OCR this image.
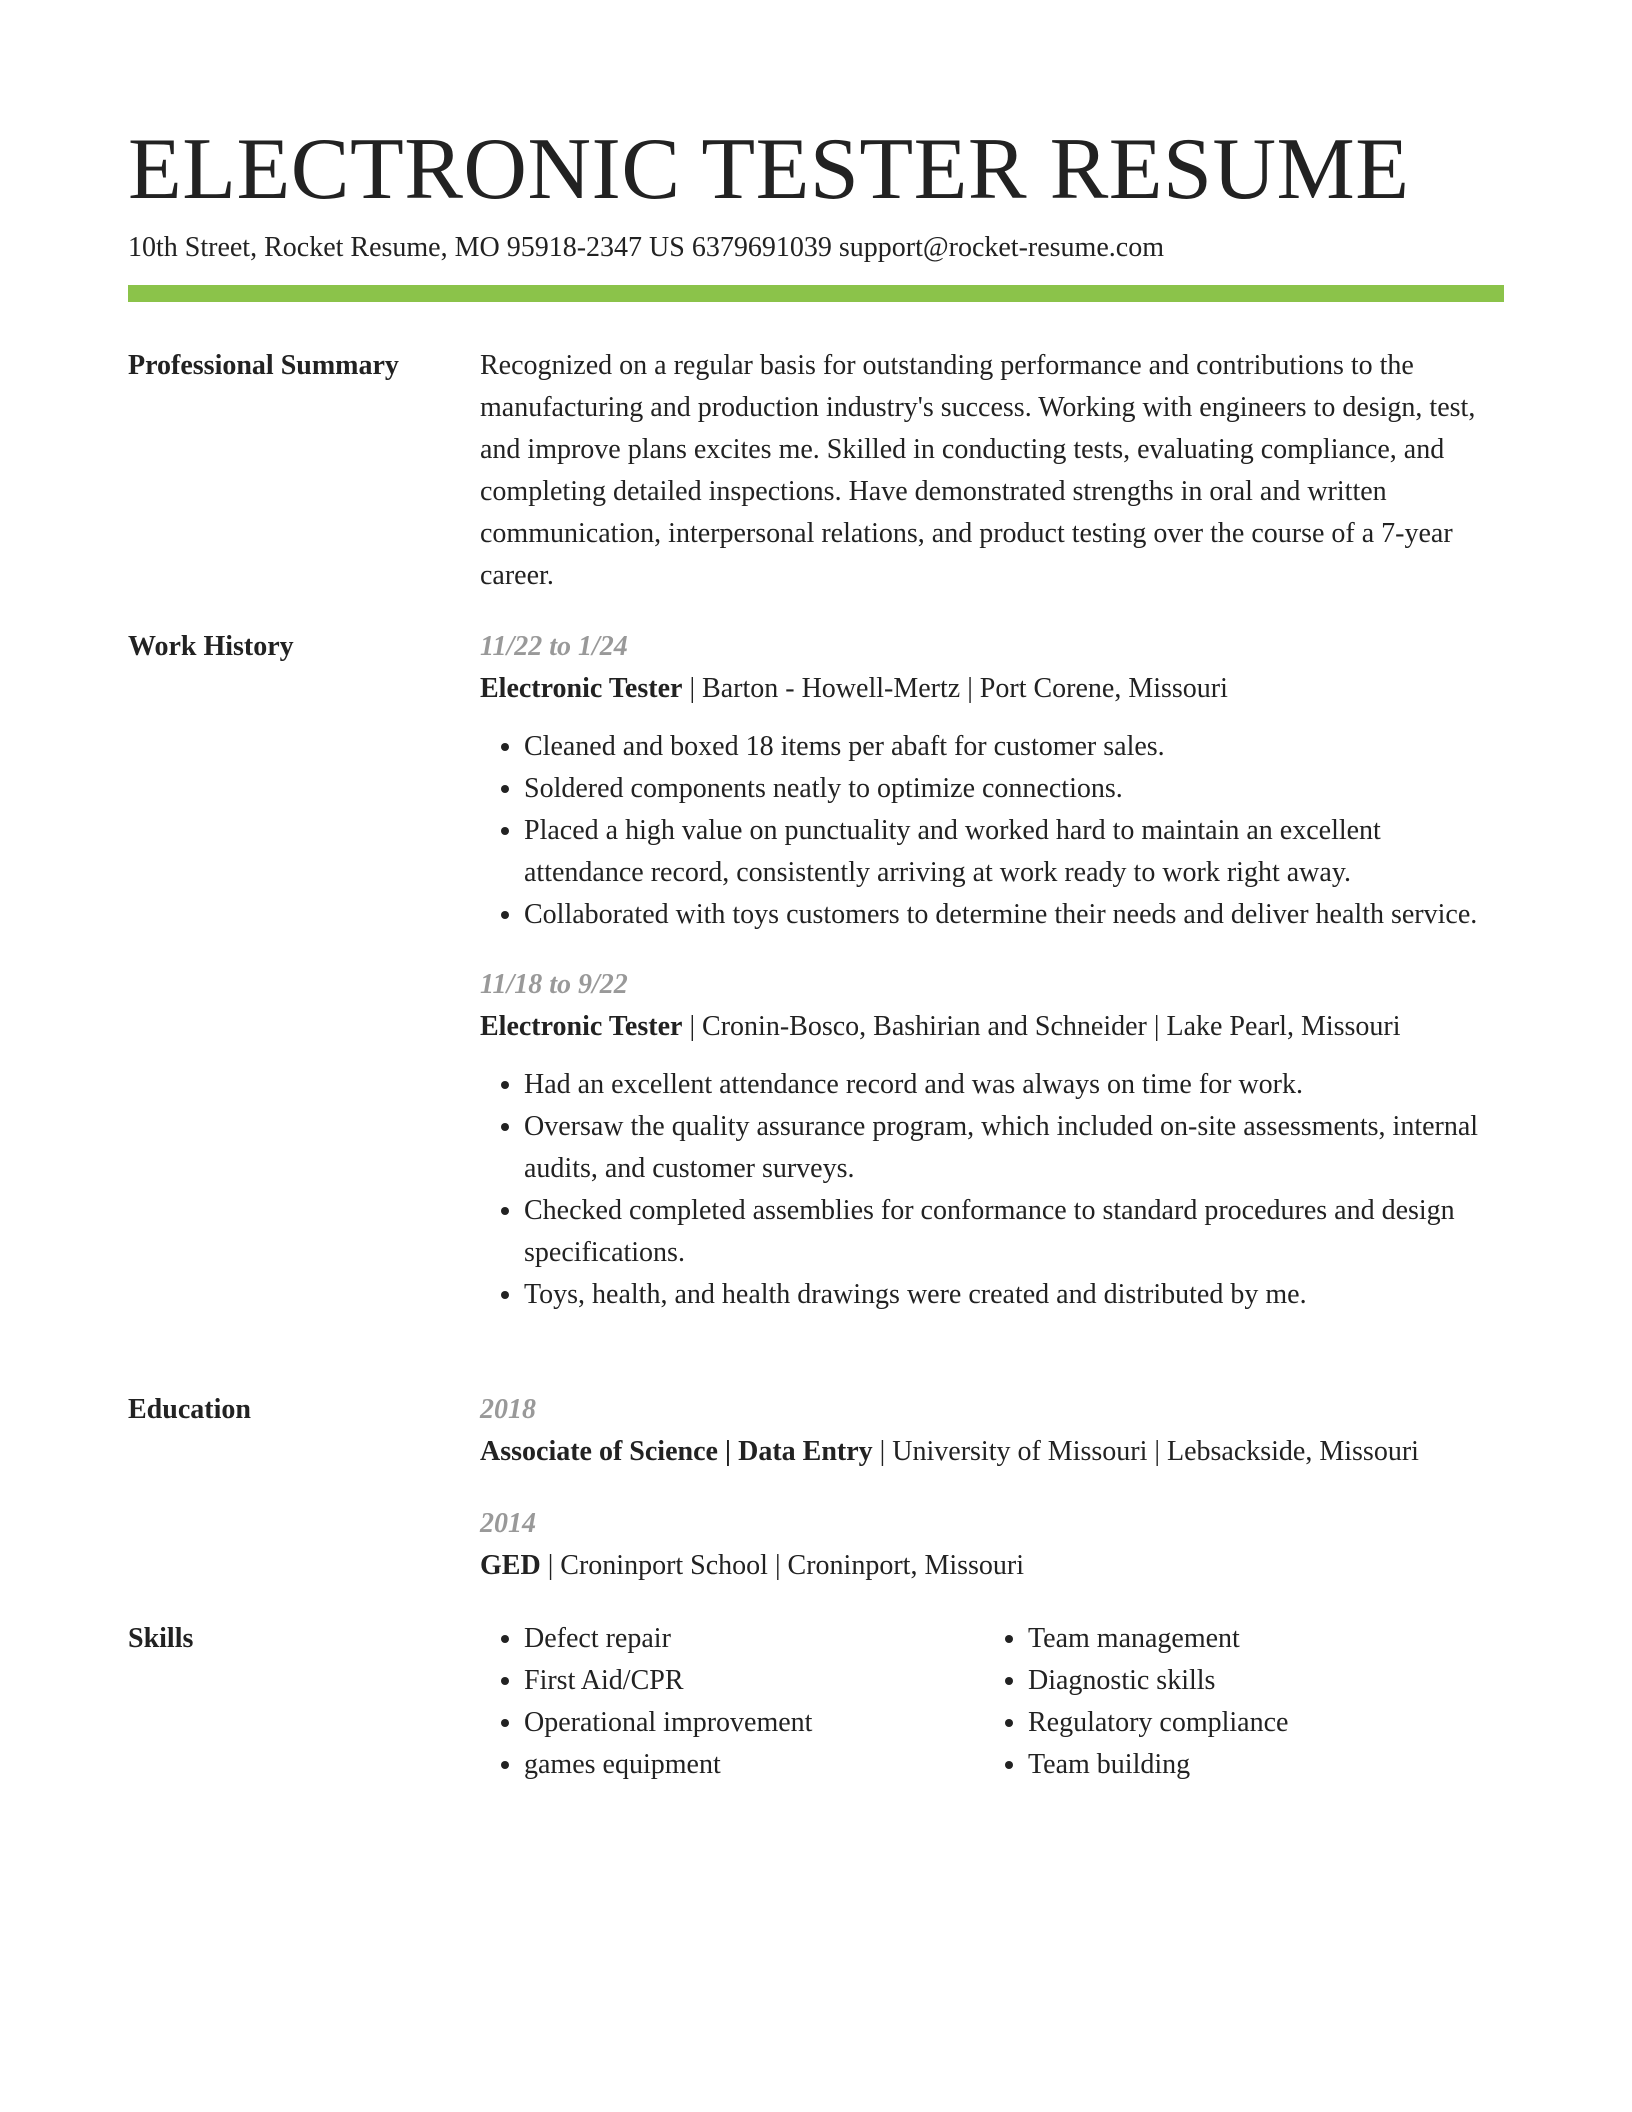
ELECTRONIC TESTER RESUME
10th Street, Rocket Resume, MO 95918-2347 US 6379691039 support@rocket-resume.com
Professional Summary	Recognized on a regular basis for outstanding performance and contributions to the manufacturing and production industry's success. Working with engineers to design, test, and improve plans excites me. Skilled in conducting tests, evaluating compliance, and completing detailed inspections. Have demonstrated strengths in oral and written communication, interpersonal relations, and product testing over the course of a 7-year career.

Work History	11/22 to 1/24
Electronic Tester | Barton - Howell-Mertz | Port Corene, Missouri
• Cleaned and boxed 18 items per abaft for customer sales.
• Soldered components neatly to optimize connections.
• Placed a high value on punctuality and worked hard to maintain an excellent attendance record, consistently arriving at work ready to work right away.
• Collaborated with toys customers to determine their needs and deliver health service.
11/18 to 9/22
Electronic Tester | Cronin-Bosco, Bashirian and Schneider | Lake Pearl, Missouri
• Had an excellent attendance record and was always on time for work.
• Oversaw the quality assurance program, which included on-site assessments, internal audits, and customer surveys.
• Checked completed assemblies for conformance to standard procedures and design specifications.
• Toys, health, and health drawings were created and distributed by me.
Education	2018
Associate of Science | Data Entry | University of Missouri | Lebsackside, Missouri
2014
GED | Croninport School | Croninport, Missouri
Skills
•	Defect repair
• First Aid/CPR
• Operational improvement
• games equipment
• Team management
• Diagnostic skills
• Regulatory compliance
• Team building
